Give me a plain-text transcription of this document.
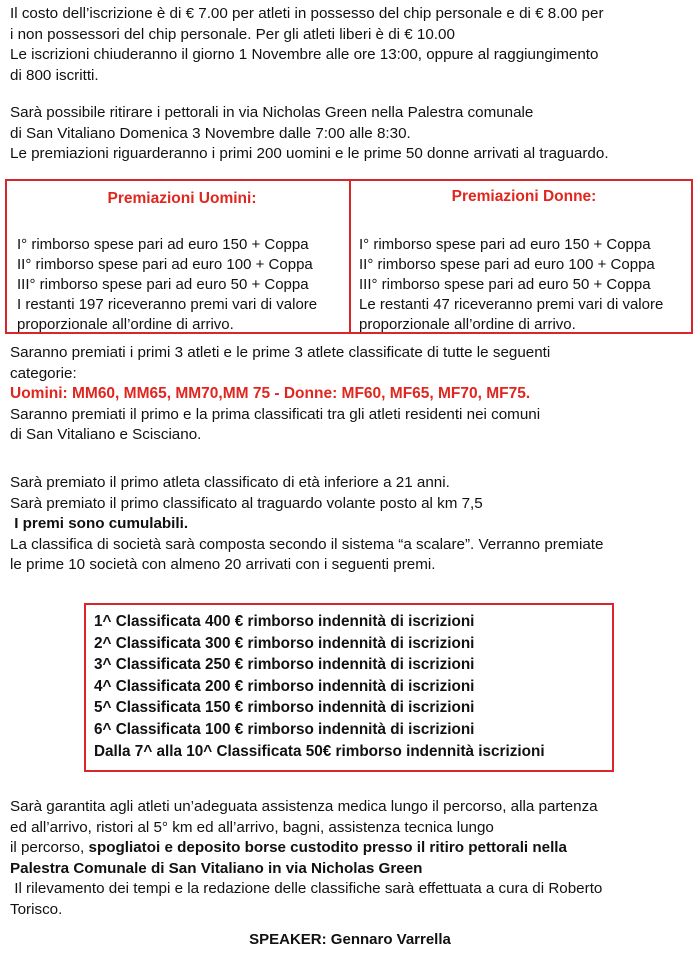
Il costo dell’iscrizione è di € 7.00 per atleti in possesso del chip personale e di € 8.00 per
i non possessori del chip personale. Per gli atleti liberi è di € 10.00
Le iscrizioni chiuderanno il giorno 1 Novembre alle ore 13:00, oppure al raggiungimento
di 800 iscritti.
Sarà possibile ritirare i pettorali in via Nicholas Green nella Palestra comunale
di San Vitaliano Domenica 3 Novembre dalle 7:00 alle 8:30.
Le premiazioni riguarderanno i primi 200 uomini e le prime 50 donne arrivati al traguardo.
Premiazioni Uomini:
I° rimborso spese pari ad euro 150 + Coppa
II° rimborso spese pari ad euro 100 + Coppa
III° rimborso spese pari ad euro 50 + Coppa
I restanti 197 riceveranno premi vari di valore
proporzionale all’ordine di arrivo.
Premiazioni Donne:
I° rimborso spese pari ad euro 150 + Coppa
II° rimborso spese pari ad euro 100 + Coppa
III° rimborso spese pari ad euro 50 + Coppa
Le restanti 47 riceveranno premi vari di valore
proporzionale all’ordine di arrivo.
Saranno premiati i primi 3 atleti e le prime 3 atlete classificate di tutte le seguenti
categorie:
Uomini: MM60, MM65, MM70,MM 75 - Donne: MF60, MF65, MF70, MF75.
Saranno premiati il primo e la prima classificati tra gli atleti residenti nei comuni
di San Vitaliano e Scisciano.
Sarà premiato il primo atleta classificato di età inferiore a 21 anni.
Sarà premiato il primo classificato al traguardo volante posto al km 7,5
I premi sono cumulabili.
La classifica di società sarà composta secondo il sistema “a scalare”. Verranno premiate
le prime 10 società con almeno 20 arrivati con i seguenti premi.
1^ Classificata 400 € rimborso indennità di iscrizioni
2^ Classificata 300 € rimborso indennità di iscrizioni
3^ Classificata 250 € rimborso indennità di iscrizioni
4^ Classificata 200 € rimborso indennità di iscrizioni
5^ Classificata 150 € rimborso indennità di iscrizioni
6^ Classificata 100 € rimborso indennità di iscrizioni
Dalla 7^ alla 10^ Classificata 50€ rimborso indennità iscrizioni
Sarà garantita agli atleti un’adeguata assistenza medica lungo il percorso, alla partenza
ed all’arrivo, ristori al 5° km ed all’arrivo, bagni, assistenza tecnica lungo
il percorso, spogliatoi e deposito borse custodito presso il ritiro pettorali nella
Palestra Comunale di San Vitaliano in via Nicholas Green
Il rilevamento dei tempi e la redazione delle classifiche sarà effettuata a cura di Roberto
Torisco.
SPEAKER: Gennaro Varrella
